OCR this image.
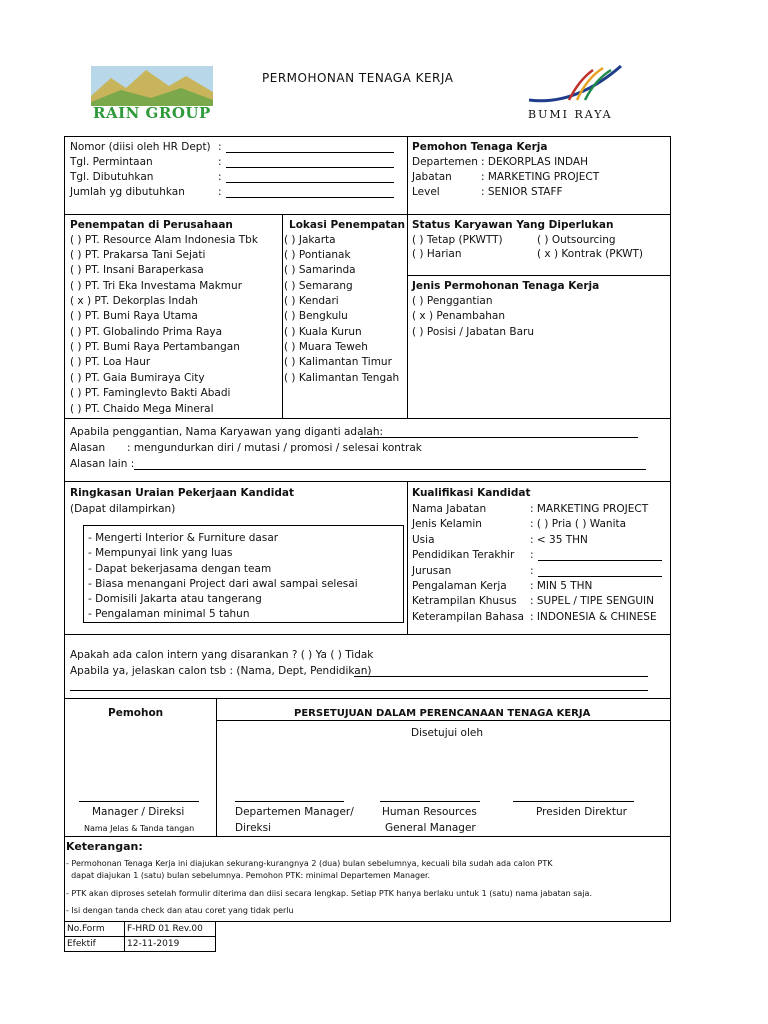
RAIN GROUP
PERMOHONAN TENAGA KERJA
BUMI RAYA
Nomor (diisi oleh HR Dept) :
Tgl. Permintaan	:
Tgl. Dibutuhkan	:
Jumlah yg dibutuhkan	:
Pemohon Tenaga Kerja
Departemen : DEKORPLAS INDAH
Jabatan	: MARKETING PROJECT
Level	: SENIOR STAFF
Penempatan di Perusahaan
( ) PT. Resource Alam Indonesia Tbk
( ) PT. Prakarsa Tani Sejati
( ) PT. Insani Baraperkasa
( ) PT. Tri Eka Investama Makmur
( x ) PT. Dekorplas Indah
( ) PT. Bumi Raya Utama
( ) PT. Globalindo Prima Raya
( ) PT. Bumi Raya Pertambangan
( ) PT. Loa Haur
( ) PT. Gaia Bumiraya City
( ) PT. Faminglevto Bakti Abadi
( ) PT. Chaido Mega Mineral
Lokasi Penempatan
( ) Jakarta
( ) Pontianak
( ) Samarinda
( ) Semarang
( ) Kendari
( ) Bengkulu
( ) Kuala Kurun
( ) Muara Teweh
( ) Kalimantan Timur
( ) Kalimantan Tengah
Status Karyawan Yang Diperlukan
( ) Tetap (PKWTT)	( ) Outsourcing
( ) Harian	( x ) Kontrak (PKWT)
Jenis Permohonan Tenaga Kerja
( ) Penggantian
( x ) Penambahan
( ) Posisi / Jabatan Baru
Apabila penggantian, Nama Karyawan yang diganti adalah:
Alasan : mengundurkan diri / mutasi / promosi / selesai kontrak
Alasan lain :
Ringkasan Uraian Pekerjaan Kandidat
(Dapat dilampirkan)
- Mengerti Interior & Furniture dasar
- Mempunyai link yang luas
- Dapat bekerjasama dengan team
- Biasa menangani Project dari awal sampai selesai
- Domisili Jakarta atau tangerang
- Pengalaman minimal 5 tahun
Kualifikasi Kandidat
Nama Jabatan	: MARKETING PROJECT
Jenis Kelamin	: ( ) Pria ( ) Wanita
Usia	: < 35 THN
Pendidikan Terakhir :
Jurusan	:
Pengalaman Kerja : MIN 5 THN
Ketrampilan Khusus : SUPEL / TIPE SENGUIN
Keterampilan Bahasa : INDONESIA & CHINESE
Apakah ada calon intern yang disarankan ? ( ) Ya ( ) Tidak
Apabila ya, jelaskan calon tsb : (Nama, Dept, Pendidikan)
Pemohon	PERSETUJUAN DALAM PERENCANAAN TENAGA KERJA
Disetujui oleh
Manager / Direksi
Nama Jelas & Tanda tangan
Departemen Manager/
Direksi
Human Resources
General Manager
Presiden Direktur
Keterangan:
- Permohonan Tenaga Kerja ini diajukan sekurang-kurangnya 2 (dua) bulan sebelumnya, kecuali bila sudah ada calon PTK
dapat diajukan 1 (satu) bulan sebelumnya. Pemohon PTK: minimal Departemen Manager.
- PTK akan diproses setelah formulir diterima dan diisi secara lengkap. Setiap PTK hanya berlaku untuk 1 (satu) nama jabatan saja.
- Isi dengan tanda check dan atau coret yang tidak perlu
No.Form F-HRD 01 Rev.00
Efektif	12-11-2019
